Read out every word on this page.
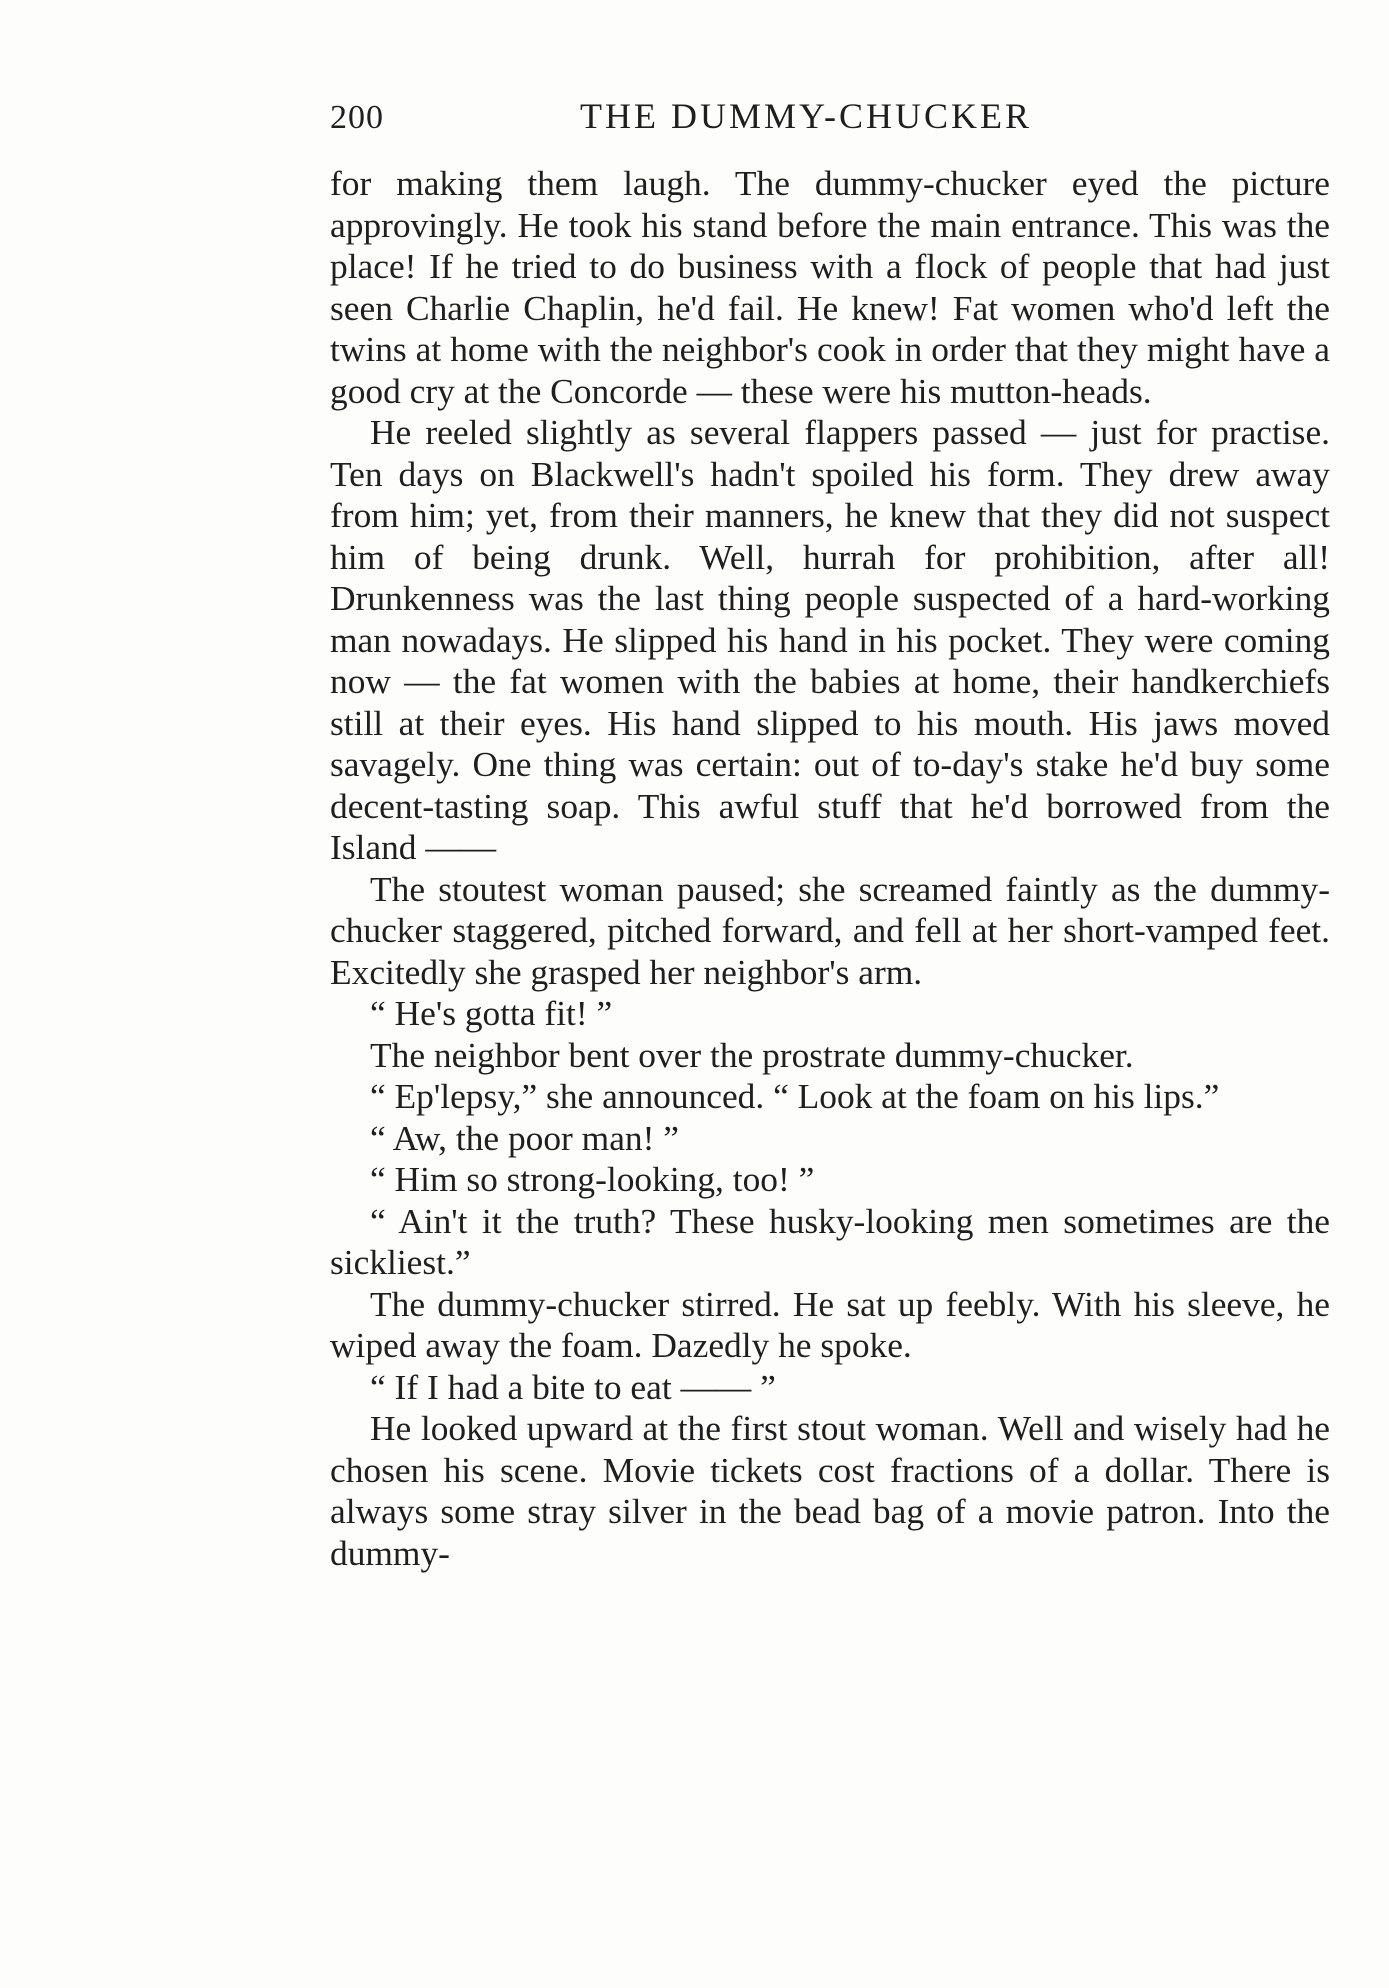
200	THE DUMMY-CHUCKER

for making them laugh. The dummy-chucker eyed the picture approvingly. He took his stand before the main entrance. This was the place! If he tried to do business with a flock of people that had just seen Charlie Chaplin, he'd fail. He knew! Fat women who'd left the twins at home with the neighbor's cook in order that they might have a good cry at the Concorde — these were his mutton-heads.

He reeled slightly as several flappers passed — just for practise. Ten days on Blackwell's hadn't spoiled his form. They drew away from him; yet, from their manners, he knew that they did not suspect him of being drunk. Well, hurrah for prohibition, after all! Drunkenness was the last thing people suspected of a hard-working man nowadays. He slipped his hand in his pocket. They were coming now — the fat women with the babies at home, their handkerchiefs still at their eyes. His hand slipped to his mouth. His jaws moved savagely. One thing was certain: out of to-day's stake he'd buy some decent-tasting soap. This awful stuff that he'd borrowed from the Island ——

The stoutest woman paused; she screamed faintly as the dummy-chucker staggered, pitched forward, and fell at her short-vamped feet. Excitedly she grasped her neighbor's arm.

“ He's gotta fit! ”

The neighbor bent over the prostrate dummy-chucker.

“ Ep'lepsy,” she announced. “ Look at the foam on his lips.”

“ Aw, the poor man! ”

“ Him so strong-looking, too! ”

“ Ain't it the truth? These husky-looking men sometimes are the sickliest.”

The dummy-chucker stirred. He sat up feebly. With his sleeve, he wiped away the foam. Dazedly he spoke.

“ If I had a bite to eat —— ”

He looked upward at the first stout woman. Well and wisely had he chosen his scene. Movie tickets cost fractions of a dollar. There is always some stray silver in the bead bag of a movie patron. Into the dummy-
